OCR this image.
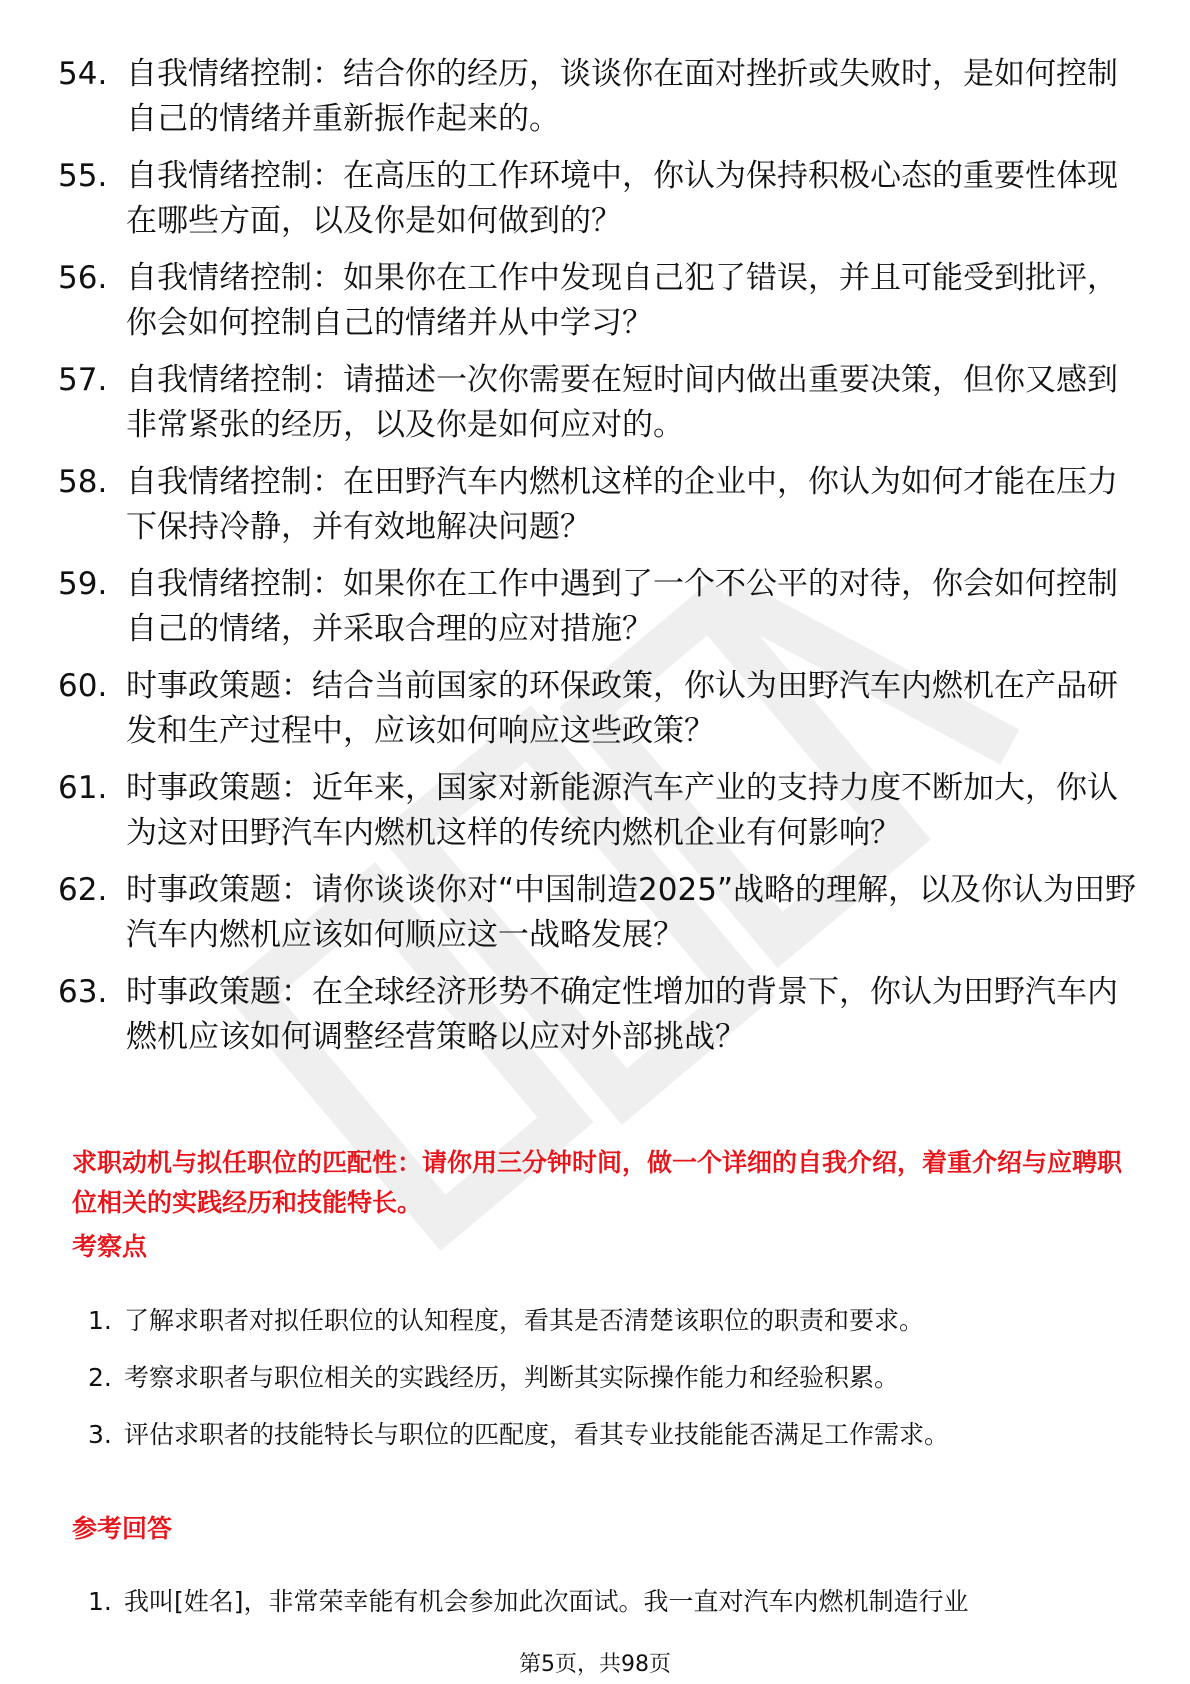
54. 自我情绪控制：结合你的经历，谈谈你在面对挫折或失败时，是如何控制自己的情绪并重新振作起来的。
55. 自我情绪控制：在高压的工作环境中，你认为保持积极心态的重要性体现在哪些方面，以及你是如何做到的？
56. 自我情绪控制：如果你在工作中发现自己犯了错误，并且可能受到批评，你会如何控制自己的情绪并从中学习？
57. 自我情绪控制：请描述一次你需要在短时间内做出重要决策，但你又感到非常紧张的经历，以及你是如何应对的。
58. 自我情绪控制：在田野汽车内燃机这样的企业中，你认为如何才能在压力下保持冷静，并有效地解决问题？
59. 自我情绪控制：如果你在工作中遇到了一个不公平的对待，你会如何控制自己的情绪，并采取合理的应对措施？
60. 时事政策题：结合当前国家的环保政策，你认为田野汽车内燃机在产品研发和生产过程中，应该如何响应这些政策？
61. 时事政策题：近年来，国家对新能源汽车产业的支持力度不断加大，你认为这对田野汽车内燃机这样的传统内燃机企业有何影响？
62. 时事政策题：请你谈谈你对“中国制造2025”战略的理解，以及你认为田野汽车内燃机应该如何顺应这一战略发展？
63. 时事政策题：在全球经济形势不确定性增加的背景下，你认为田野汽车内燃机应该如何调整经营策略以应对外部挑战？
求职动机与拟任职位的匹配性：请你用三分钟时间，做一个详细的自我介绍，着重介绍与应聘职位相关的实践经历和技能特长。
考察点
1. 了解求职者对拟任职位的认知程度，看其是否清楚该职位的职责和要求。
2. 考察求职者与职位相关的实践经历，判断其实际操作能力和经验积累。
3. 评估求职者的技能特长与职位的匹配度，看其专业技能能否满足工作需求。
参考回答
1. 我叫[姓名]，非常荣幸能有机会参加此次面试。我一直对汽车内燃机制造行业
第5页，共98页
